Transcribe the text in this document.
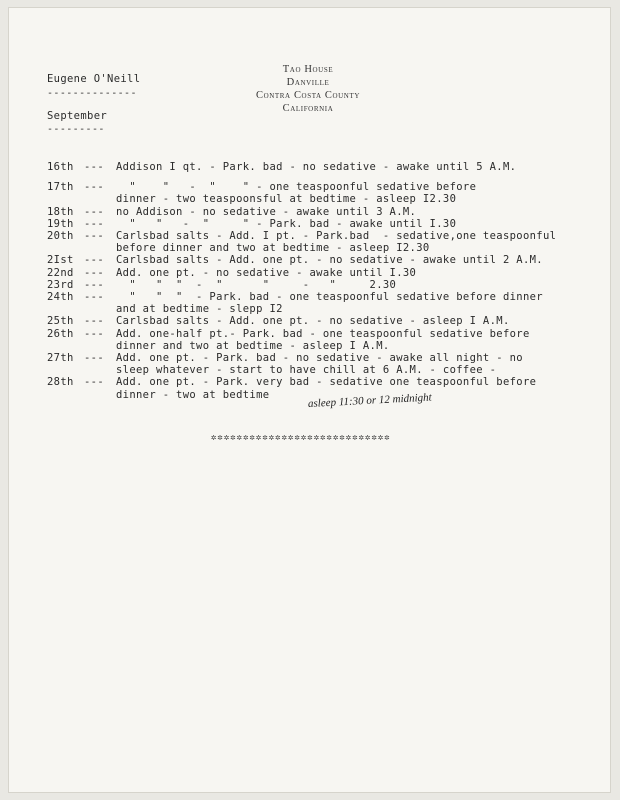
Tao House
Danville
Contra Costa County
California
Eugene O'Neill
--------------
September
---------
16th ---	Addison I qt. - Park. bad - no sedative - awake until 5 A.M.
17th ---	"    "   -  "    " - one teaspoonful sedative before
dinner - two teaspoonsful at bedtime - asleep I2.30
18th ---	no Addison - no sedative - awake until 3 A.M.
19th ---	"   "   -  "     " - Park. bad - awake until I.30
20th ---	Carlsbad salts - Add. I pt. - Park.bad  - sedative,one teaspoonful
before dinner and two at bedtime - asleep I2.30
2Ist ---	Carlsbad salts - Add. one pt. - no sedative - awake until 2 A.M.
22nd ---	Add. one pt. - no sedative - awake until I.30
23rd ---	"   "  "  -  "      "     -   "     2.30
24th ---	"   "  "  - Park. bad - one teaspoonful sedative before dinner
and at bedtime - slepp I2
25th ---	Carlsbad salts - Add. one pt. - no sedative - asleep I A.M.
26th ---	Add. one-half pt.- Park. bad - one teaspoonful sedative before
dinner and two at bedtime - asleep I A.M.
27th ---	Add. one pt. - Park. bad - no sedative - awake all night - no
sleep whatever - start to have chill at 6 A.M. - coffee -
28th ---	Add. one pt. - Park. very bad - sedative one teaspoonful before
dinner - two at bedtime	asleep 11:30 or 12 midnight
✲✲✲✲✲✲✲✲✲✲✲✲✲✲✲✲✲✲✲✲✲✲✲✲✲✲✲✲
